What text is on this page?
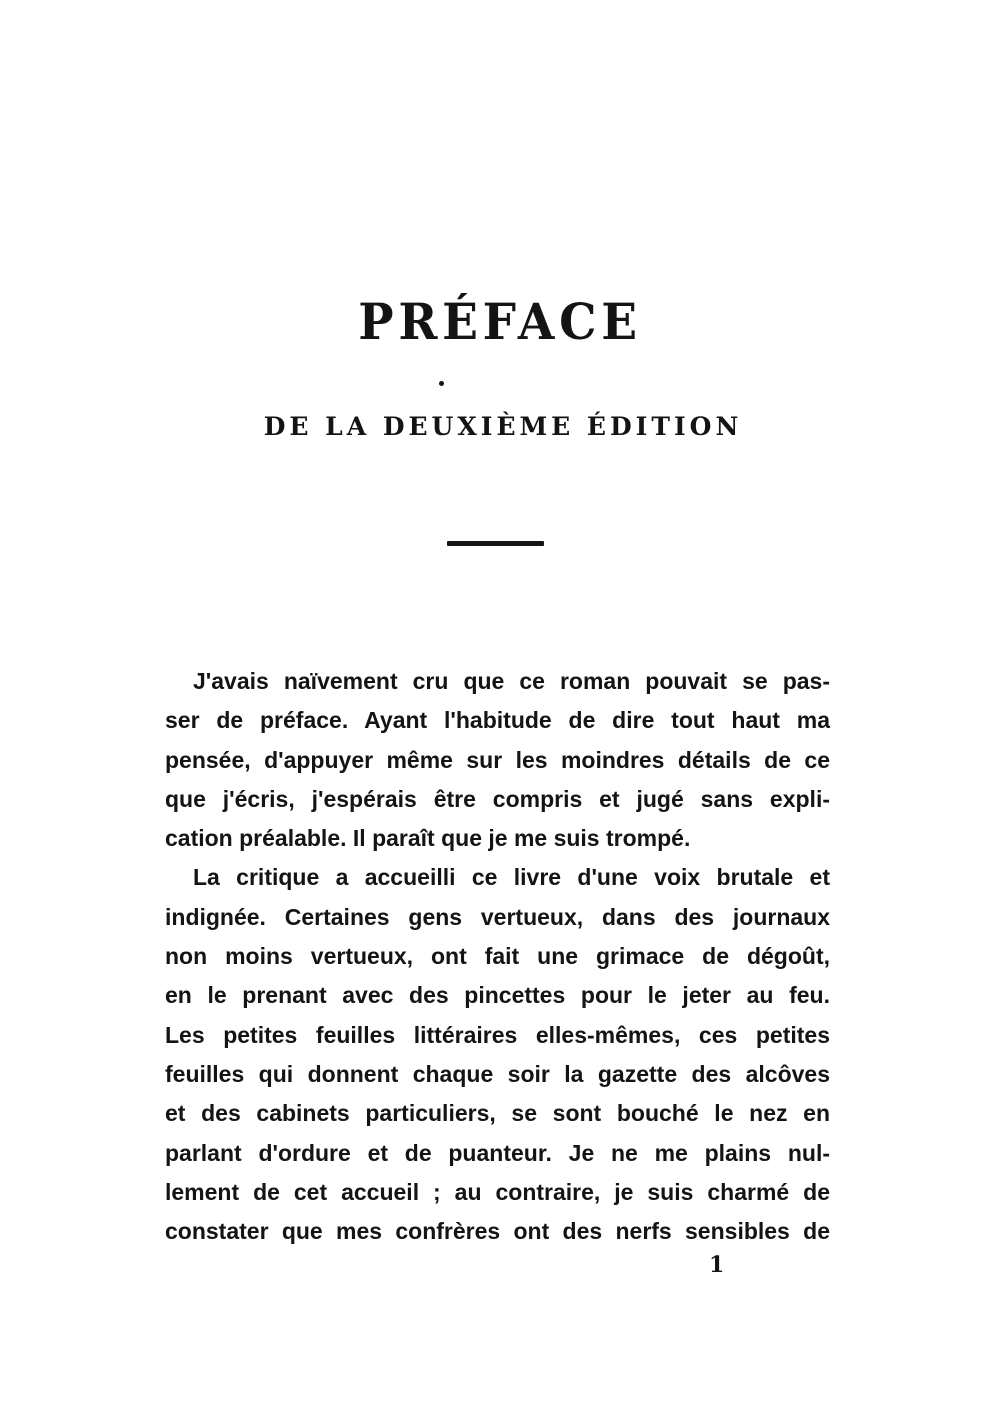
PRÉFACE
DE LA DEUXIÈME ÉDITION
J'avais naïvement cru que ce roman pouvait se pas-
ser de préface. Ayant l'habitude de dire tout haut ma
pensée, d'appuyer même sur les moindres détails de ce
que j'écris, j'espérais être compris et jugé sans expli-
cation préalable. Il paraît que je me suis trompé.
La critique a accueilli ce livre d'une voix brutale et
indignée. Certaines gens vertueux, dans des journaux
non moins vertueux, ont fait une grimace de dégoût,
en le prenant avec des pincettes pour le jeter au feu.
Les petites feuilles littéraires elles-mêmes, ces petites
feuilles qui donnent chaque soir la gazette des alcôves
et des cabinets particuliers, se sont bouché le nez en
parlant d'ordure et de puanteur. Je ne me plains nul-
lement de cet accueil ; au contraire, je suis charmé de
constater que mes confrères ont des nerfs sensibles de
1
